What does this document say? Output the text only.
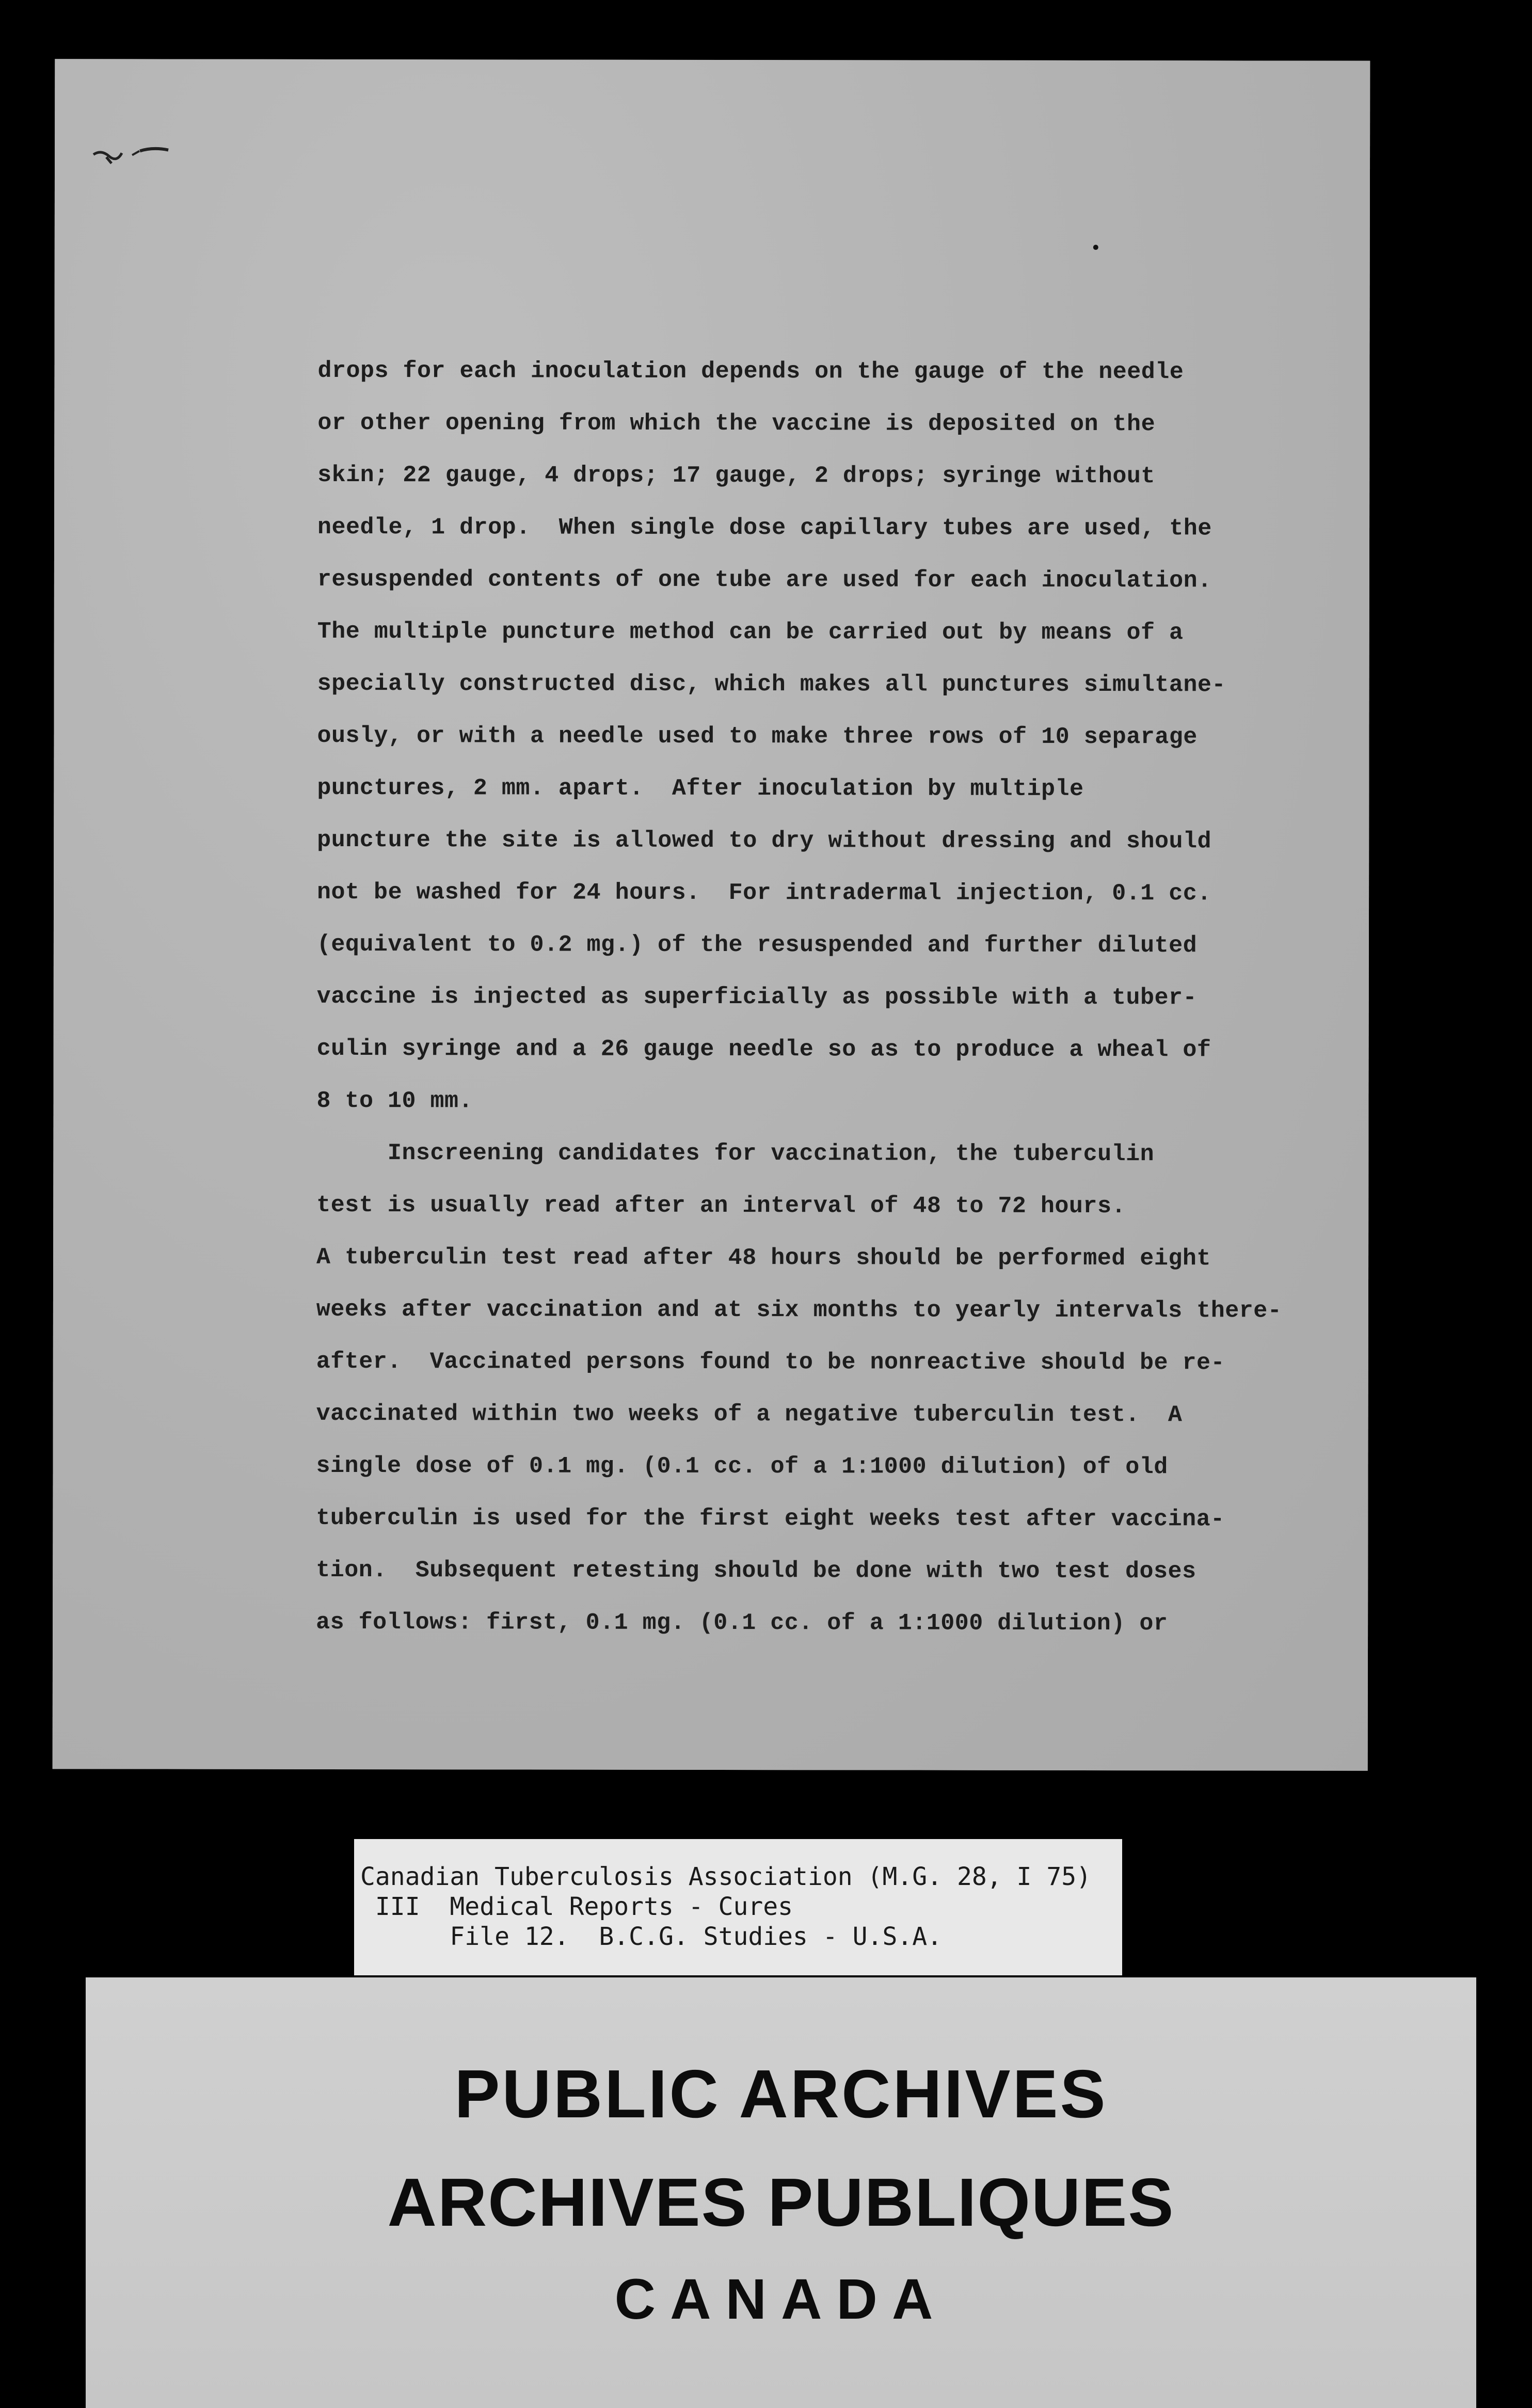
drops for each inoculation depends on the gauge of the needle
or other opening from which the vaccine is deposited on the
skin; 22 gauge, 4 drops; 17 gauge, 2 drops; syringe without
needle, 1 drop.  When single dose capillary tubes are used, the
resuspended contents of one tube are used for each inoculation.
The multiple puncture method can be carried out by means of a
specially constructed disc, which makes all punctures simultane-
ously, or with a needle used to make three rows of 10 separage
punctures, 2 mm. apart.  After inoculation by multiple
puncture the site is allowed to dry without dressing and should
not be washed for 24 hours.  For intradermal injection, 0.1 cc.
(equivalent to 0.2 mg.) of the resuspended and further diluted
vaccine is injected as superficially as possible with a tuber-
culin syringe and a 26 gauge needle so as to produce a wheal of
8 to 10 mm.
Inscreening candidates for vaccination, the tuberculin
test is usually read after an interval of 48 to 72 hours.
A tuberculin test read after 48 hours should be performed eight
weeks after vaccination and at six months to yearly intervals there-
after.  Vaccinated persons found to be nonreactive should be re-
vaccinated within two weeks of a negative tuberculin test.  A
single dose of 0.1 mg. (0.1 cc. of a 1:1000 dilution) of old
tuberculin is used for the first eight weeks test after vaccina-
tion.  Subsequent retesting should be done with two test doses
as follows: first, 0.1 mg. (0.1 cc. of a 1:1000 dilution) or
Canadian Tuberculosis Association (M.G. 28, I 75)
III  Medical Reports - Cures
File 12.  B.C.G. Studies - U.S.A.
PUBLIC ARCHIVES
ARCHIVES PUBLIQUES
CANADA
